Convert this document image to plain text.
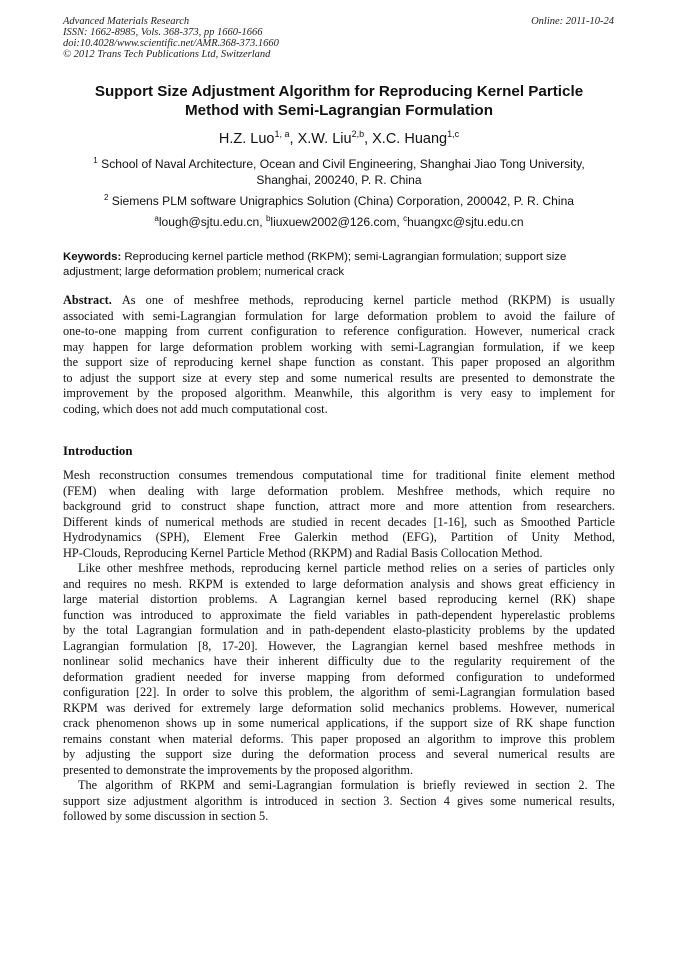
Advanced Materials Research
ISSN: 1662-8985, Vols. 368-373, pp 1660-1666
doi:10.4028/www.scientific.net/AMR.368-373.1660
© 2012 Trans Tech Publications Ltd, Switzerland
Online: 2011-10-24
Support Size Adjustment Algorithm for Reproducing Kernel Particle
Method with Semi-Lagrangian Formulation
H.Z. Luo$^{1, a}$, X.W. Liu$^{2,b}$, X.C. Huang$^{1,c}$
$^1$ School of Naval Architecture, Ocean and Civil Engineering, Shanghai Jiao Tong University,
Shanghai, 200240, P. R. China
$^2$ Siemens PLM software Unigraphics Solution (China) Corporation, 200042, P. R. China
$^a$lough@sjtu.edu.cn, $^b$liuxuew2002@126.com, $^c$huangxc@sjtu.edu.cn
Keywords: Reproducing kernel particle method (RKPM); semi-Lagrangian formulation; support size
adjustment; large deformation problem; numerical crack
Abstract. As one of meshfree methods, reproducing kernel particle method (RKPM) is usually
associated with semi-Lagrangian formulation for large deformation problem to avoid the failure of
one-to-one mapping from current configuration to reference configuration. However, numerical crack
may happen for large deformation problem working with semi-Lagrangian formulation, if we keep
the support size of reproducing kernel shape function as constant. This paper proposed an algorithm
to adjust the support size at every step and some numerical results are presented to demonstrate the
improvement by the proposed algorithm. Meanwhile, this algorithm is very easy to implement for
coding, which does not add much computational cost.
Introduction
Mesh reconstruction consumes tremendous computational time for traditional finite element method
(FEM) when dealing with large deformation problem. Meshfree methods, which require no
background grid to construct shape function, attract more and more attention from researchers.
Different kinds of numerical methods are studied in recent decades [1-16], such as Smoothed Particle
Hydrodynamics (SPH), Element Free Galerkin method (EFG), Partition of Unity Method,
HP-Clouds, Reproducing Kernel Particle Method (RKPM) and Radial Basis Collocation Method.
Like other meshfree methods, reproducing kernel particle method relies on a series of particles only
and requires no mesh. RKPM is extended to large deformation analysis and shows great efficiency in
large material distortion problems. A Lagrangian kernel based reproducing kernel (RK) shape
function was introduced to approximate the field variables in path-dependent hyperelastic problems
by the total Lagrangian formulation and in path-dependent elasto-plasticity problems by the updated
Lagrangian formulation [8, 17-20]. However, the Lagrangian kernel based meshfree methods in
nonlinear solid mechanics have their inherent difficulty due to the regularity requirement of the
deformation gradient needed for inverse mapping from deformed configuration to undeformed
configuration [22]. In order to solve this problem, the algorithm of semi-Lagrangian formulation based
RKPM was derived for extremely large deformation solid mechanics problems. However, numerical
crack phenomenon shows up in some numerical applications, if the support size of RK shape function
remains constant when material deforms. This paper proposed an algorithm to improve this problem
by adjusting the support size during the deformation process and several numerical results are
presented to demonstrate the improvements by the proposed algorithm.
The algorithm of RKPM and semi-Lagrangian formulation is briefly reviewed in section 2. The
support size adjustment algorithm is introduced in section 3. Section 4 gives some numerical results,
followed by some discussion in section 5.
